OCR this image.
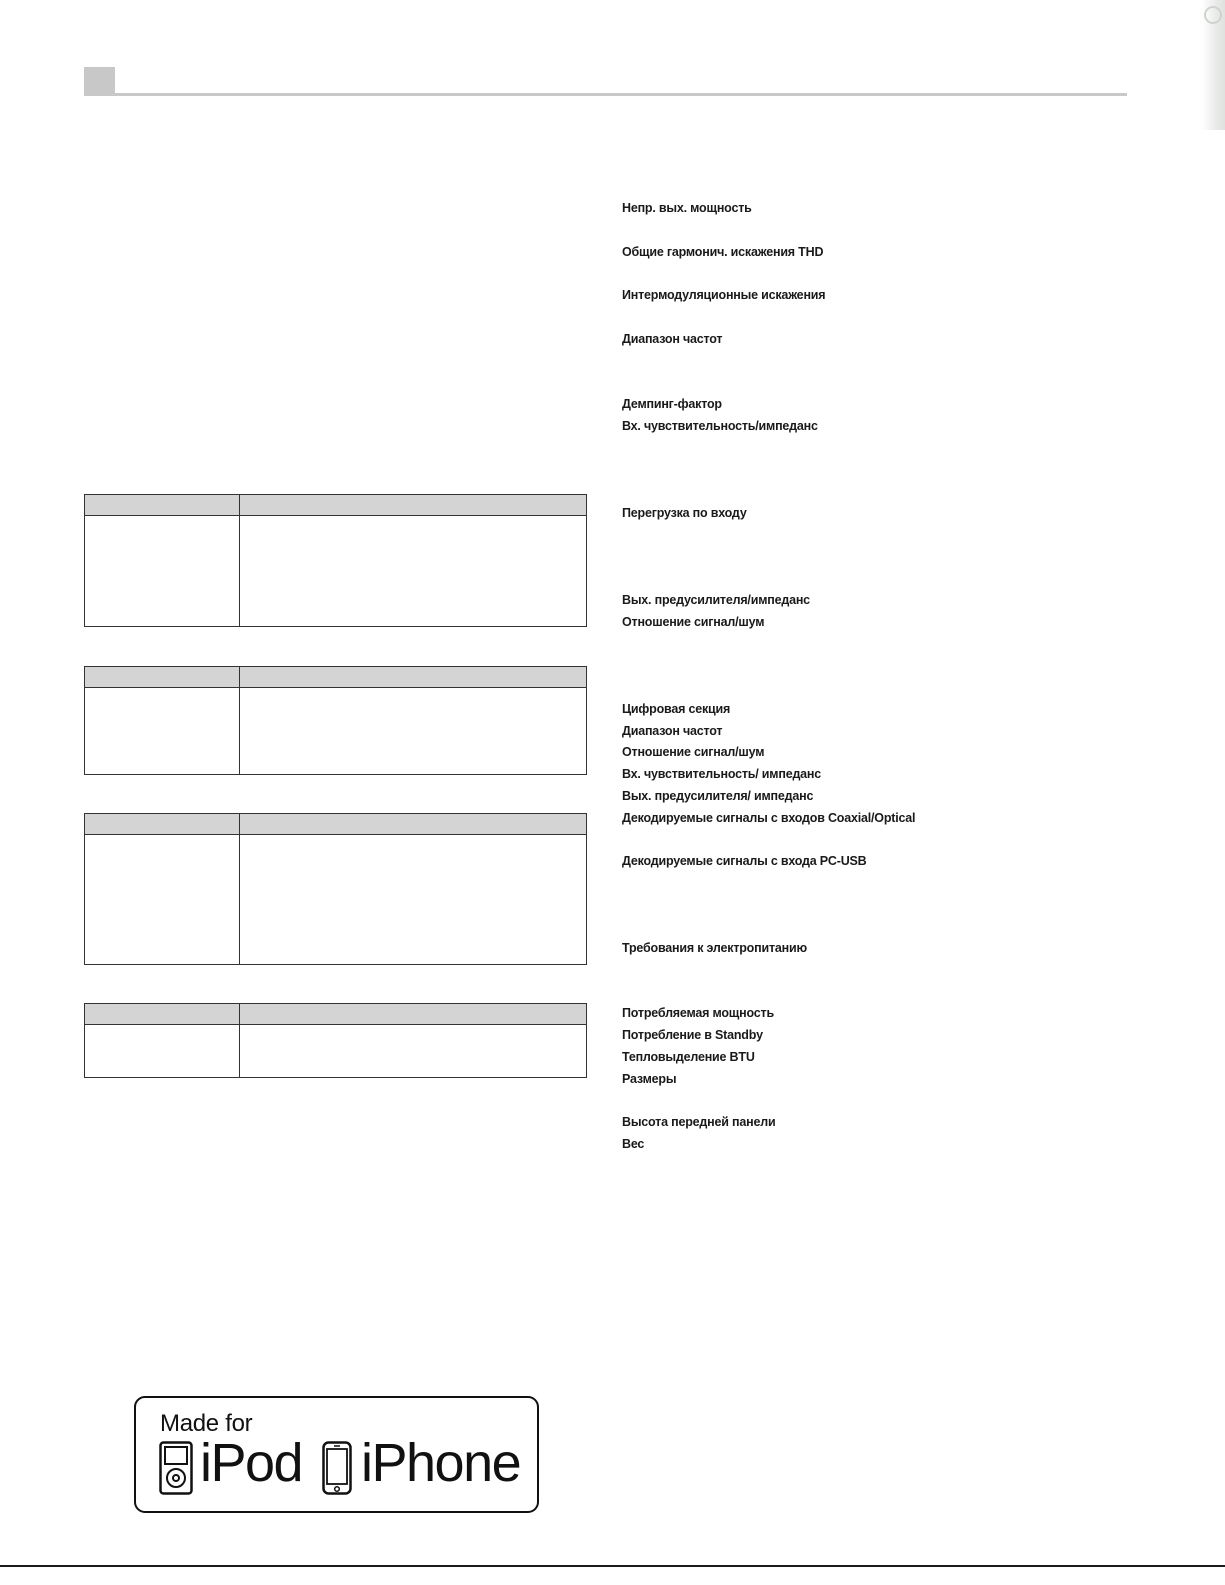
Непр. вых. мощность
Общие гармонич. искажения THD
Интермодуляционные искажения
Диапазон частот
Демпинг-фактор
Вх. чувствительность/импеданс
Перегрузка по входу
Вых. предусилителя/импеданс
Отношение сигнал/шум
Цифровая секция
Диапазон частот
Отношение сигнал/шум
Вх. чувствительность/ импеданс
Вых. предусилителя/ импеданс
Декодируемые сигналы с входов Coaxial/Optical
Декодируемые сигналы с входа PC-USB
Требования к электропитанию
Потребляемая мощность
Потребление в Standby
Тепловыделение BTU
Размеры
Высота передней панели
Вес
Made for
iPod iPhone
